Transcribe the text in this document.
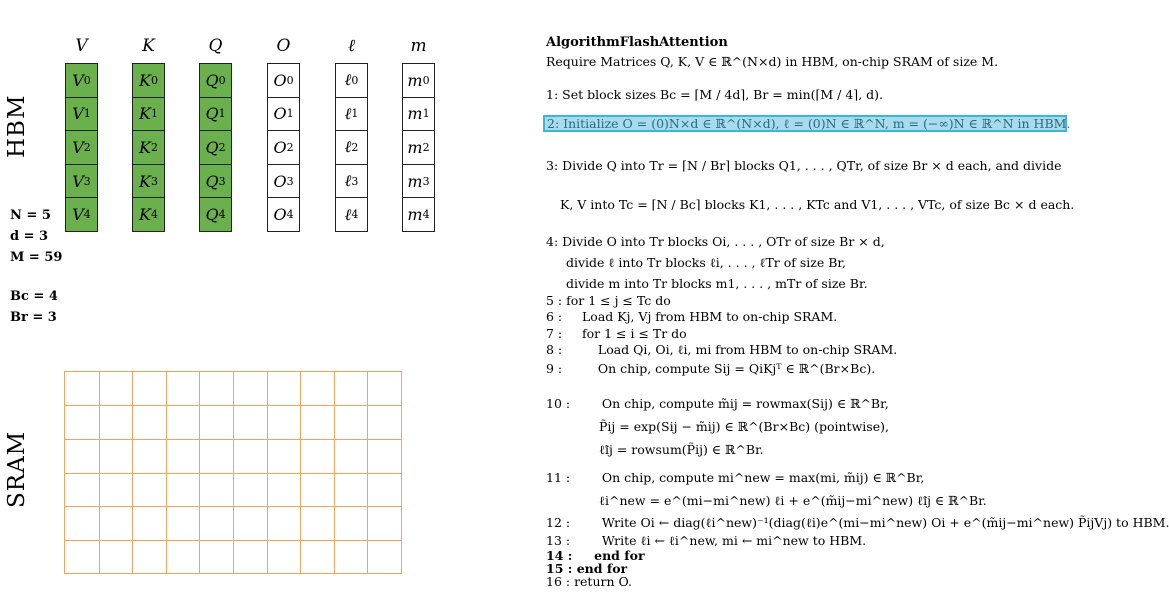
HBM
V
V 0
V 1
V 2
V 3
V 4
K
K 0
K 1
K 2
K 3
K 4
Q
Q 0
Q 1
Q 2
Q 3
Q 4
O
O 0
O 1
O 2
O 3
O 4
ℓ
ℓ 0
ℓ 1
ℓ 2
ℓ 3
ℓ 4
m
m 0
m 1
m 2
m 3
m 4
N = 5
d = 3
M = 59
Bc = 4
Br = 3
SRAM
AlgorithmFlashAttention
Require Matrices Q, K, V ∈ ℝ^(N×d) in HBM, on-chip SRAM of size M.
1: Set block sizes Bc = ⌈M / 4d⌉, Br = min(⌈M / 4⌉, d).
2: Initialize O = (0)N×d ∈ ℝ^(N×d), ℓ = (0)N ∈ ℝ^N, m = (−∞)N ∈ ℝ^N in HBM.
3: Divide Q into Tr = ⌈N / Br⌉ blocks Q1, . . . , QTr, of size Br × d each, and divide
K, V into Tc = ⌈N / Bc⌉ blocks K1, . . . , KTc and V1, . . . , VTc, of size Bc × d each.
4: Divide O into Tr blocks Oi, . . . , OTr of size Br × d,
divide ℓ into Tr blocks ℓi, . . . , ℓTr of size Br,
divide m into Tr blocks m1, . . . , mTr of size Br.
5 : for 1 ≤ j ≤ Tc do
6 :     Load Kj, Vj from HBM to on-chip SRAM.
7 :     for 1 ≤ i ≤ Tr do
8 :         Load Qi, Oi, ℓi, mi from HBM to on-chip SRAM.
9 :         On chip, compute Sij = QiKjᵀ ∈ ℝ^(Br×Bc).
10 :        On chip, compute m̃ij = rowmax(Sij) ∈ ℝ^Br,
P̃ij = exp(Sij − m̃ij) ∈ ℝ^(Br×Bc) (pointwise),
ℓ̃ij = rowsum(P̃ij) ∈ ℝ^Br.
11 :        On chip, compute mi^new = max(mi, m̃ij) ∈ ℝ^Br,
ℓi^new = e^(mi−mi^new) ℓi + e^(m̃ij−mi^new) ℓ̃ij ∈ ℝ^Br.
12 :        Write Oi ← diag(ℓi^new)⁻¹(diag(ℓi)e^(mi−mi^new) Oi + e^(m̃ij−mi^new) P̃ijVj) to HBM.
13 :        Write ℓi ← ℓi^new, mi ← mi^new to HBM.
14 :     end for
15 : end for
16 : return O.
